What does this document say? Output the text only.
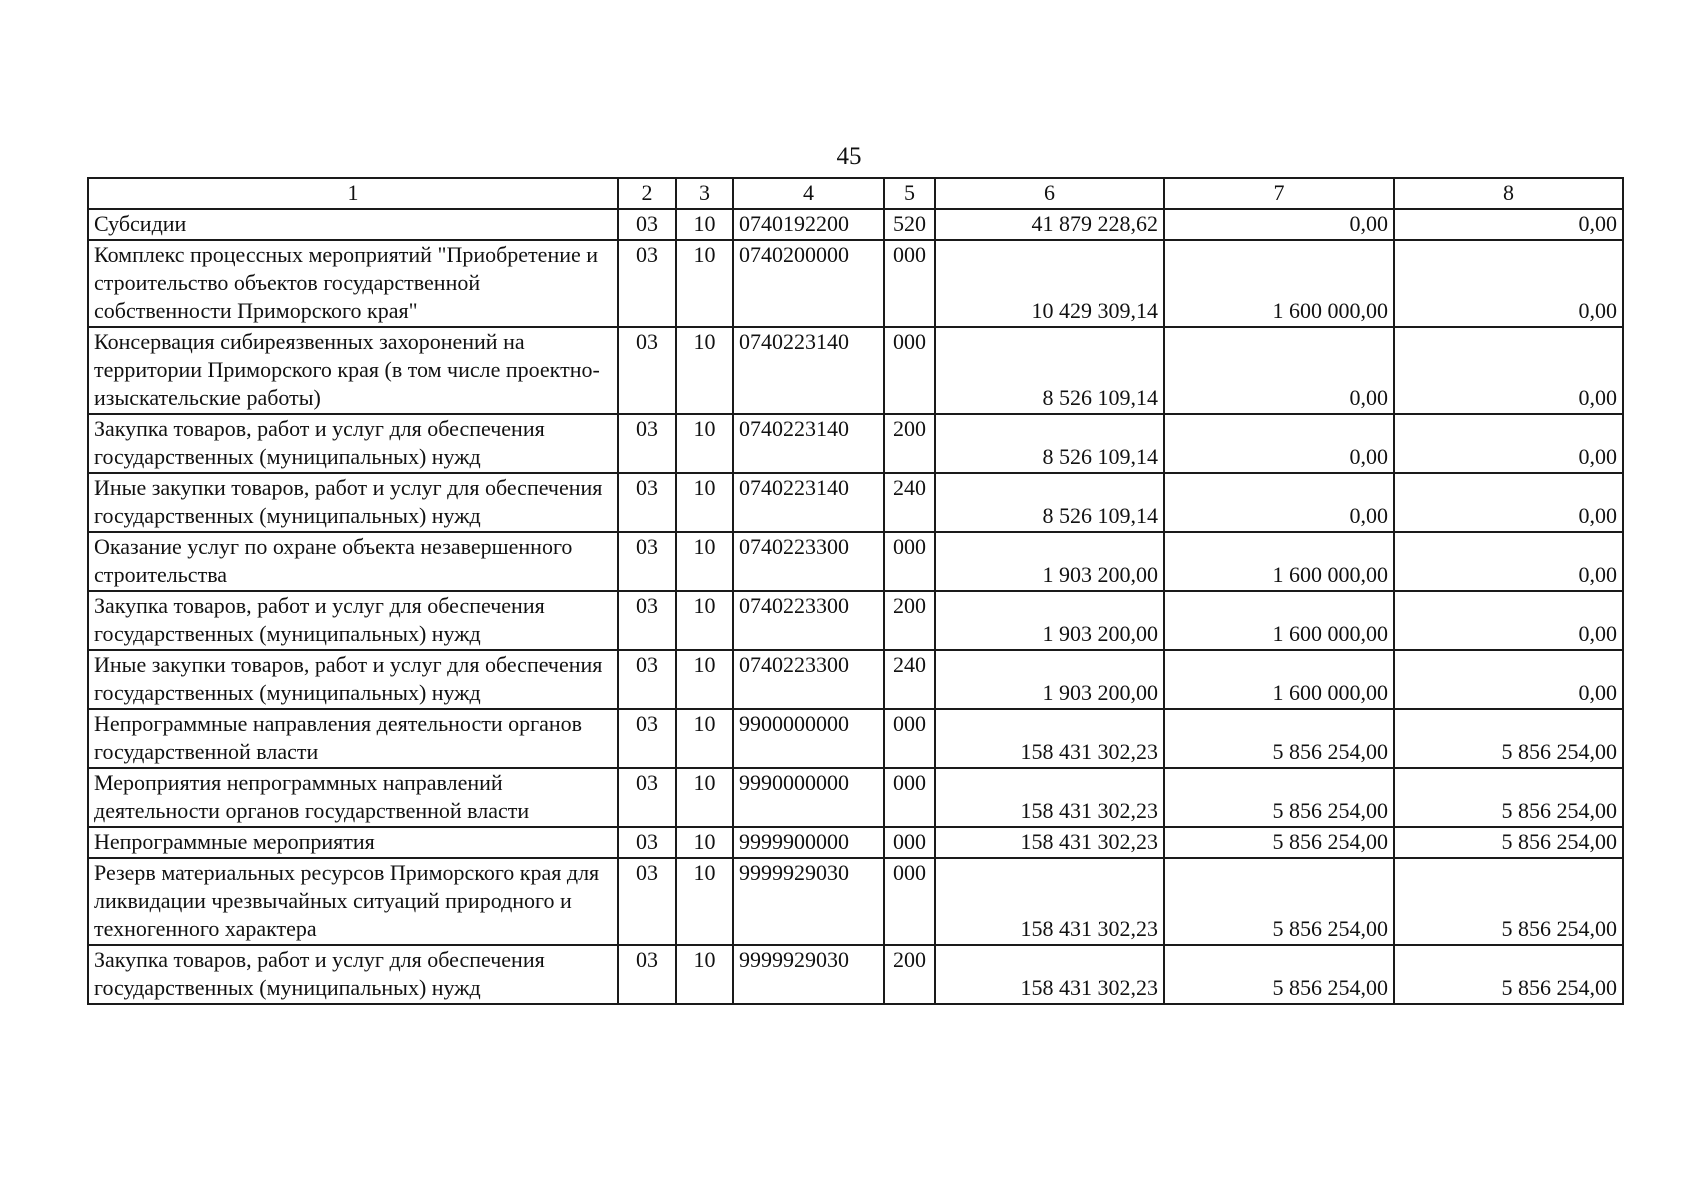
45
1	2	3	4	5	6	7	8
Субсидии	03	10	0740192200	520	41 879 228,62	0,00	0,00
Комплекс процессных мероприятий "Приобретение и строительство объектов государственной собственности Приморского края"	03	10	0740200000	000	10 429 309,14	1 600 000,00	0,00
Консервация сибиреязвенных захоронений на территории Приморского края (в том числе проектно-изыскательские работы)	03	10	0740223140	000	8 526 109,14	0,00	0,00
Закупка товаров, работ и услуг для обеспечения государственных (муниципальных) нужд	03	10	0740223140	200	8 526 109,14	0,00	0,00
Иные закупки товаров, работ и услуг для обеспечения государственных (муниципальных) нужд	03	10	0740223140	240	8 526 109,14	0,00	0,00
Оказание услуг по охране объекта незавершенного строительства	03	10	0740223300	000	1 903 200,00	1 600 000,00	0,00
Закупка товаров, работ и услуг для обеспечения государственных (муниципальных) нужд	03	10	0740223300	200	1 903 200,00	1 600 000,00	0,00
Иные закупки товаров, работ и услуг для обеспечения государственных (муниципальных) нужд	03	10	0740223300	240	1 903 200,00	1 600 000,00	0,00
Непрограммные направления деятельности органов государственной власти	03	10	9900000000	000	158 431 302,23	5 856 254,00	5 856 254,00
Мероприятия непрограммных направлений деятельности органов государственной власти	03	10	9990000000	000	158 431 302,23	5 856 254,00	5 856 254,00
Непрограммные мероприятия	03	10	9999900000	000	158 431 302,23	5 856 254,00	5 856 254,00
Резерв материальных ресурсов Приморского края для ликвидации чрезвычайных ситуаций природного и техногенного характера	03	10	9999929030	000	158 431 302,23	5 856 254,00	5 856 254,00
Закупка товаров, работ и услуг для обеспечения государственных (муниципальных) нужд	03	10	9999929030	200	158 431 302,23	5 856 254,00	5 856 254,00
